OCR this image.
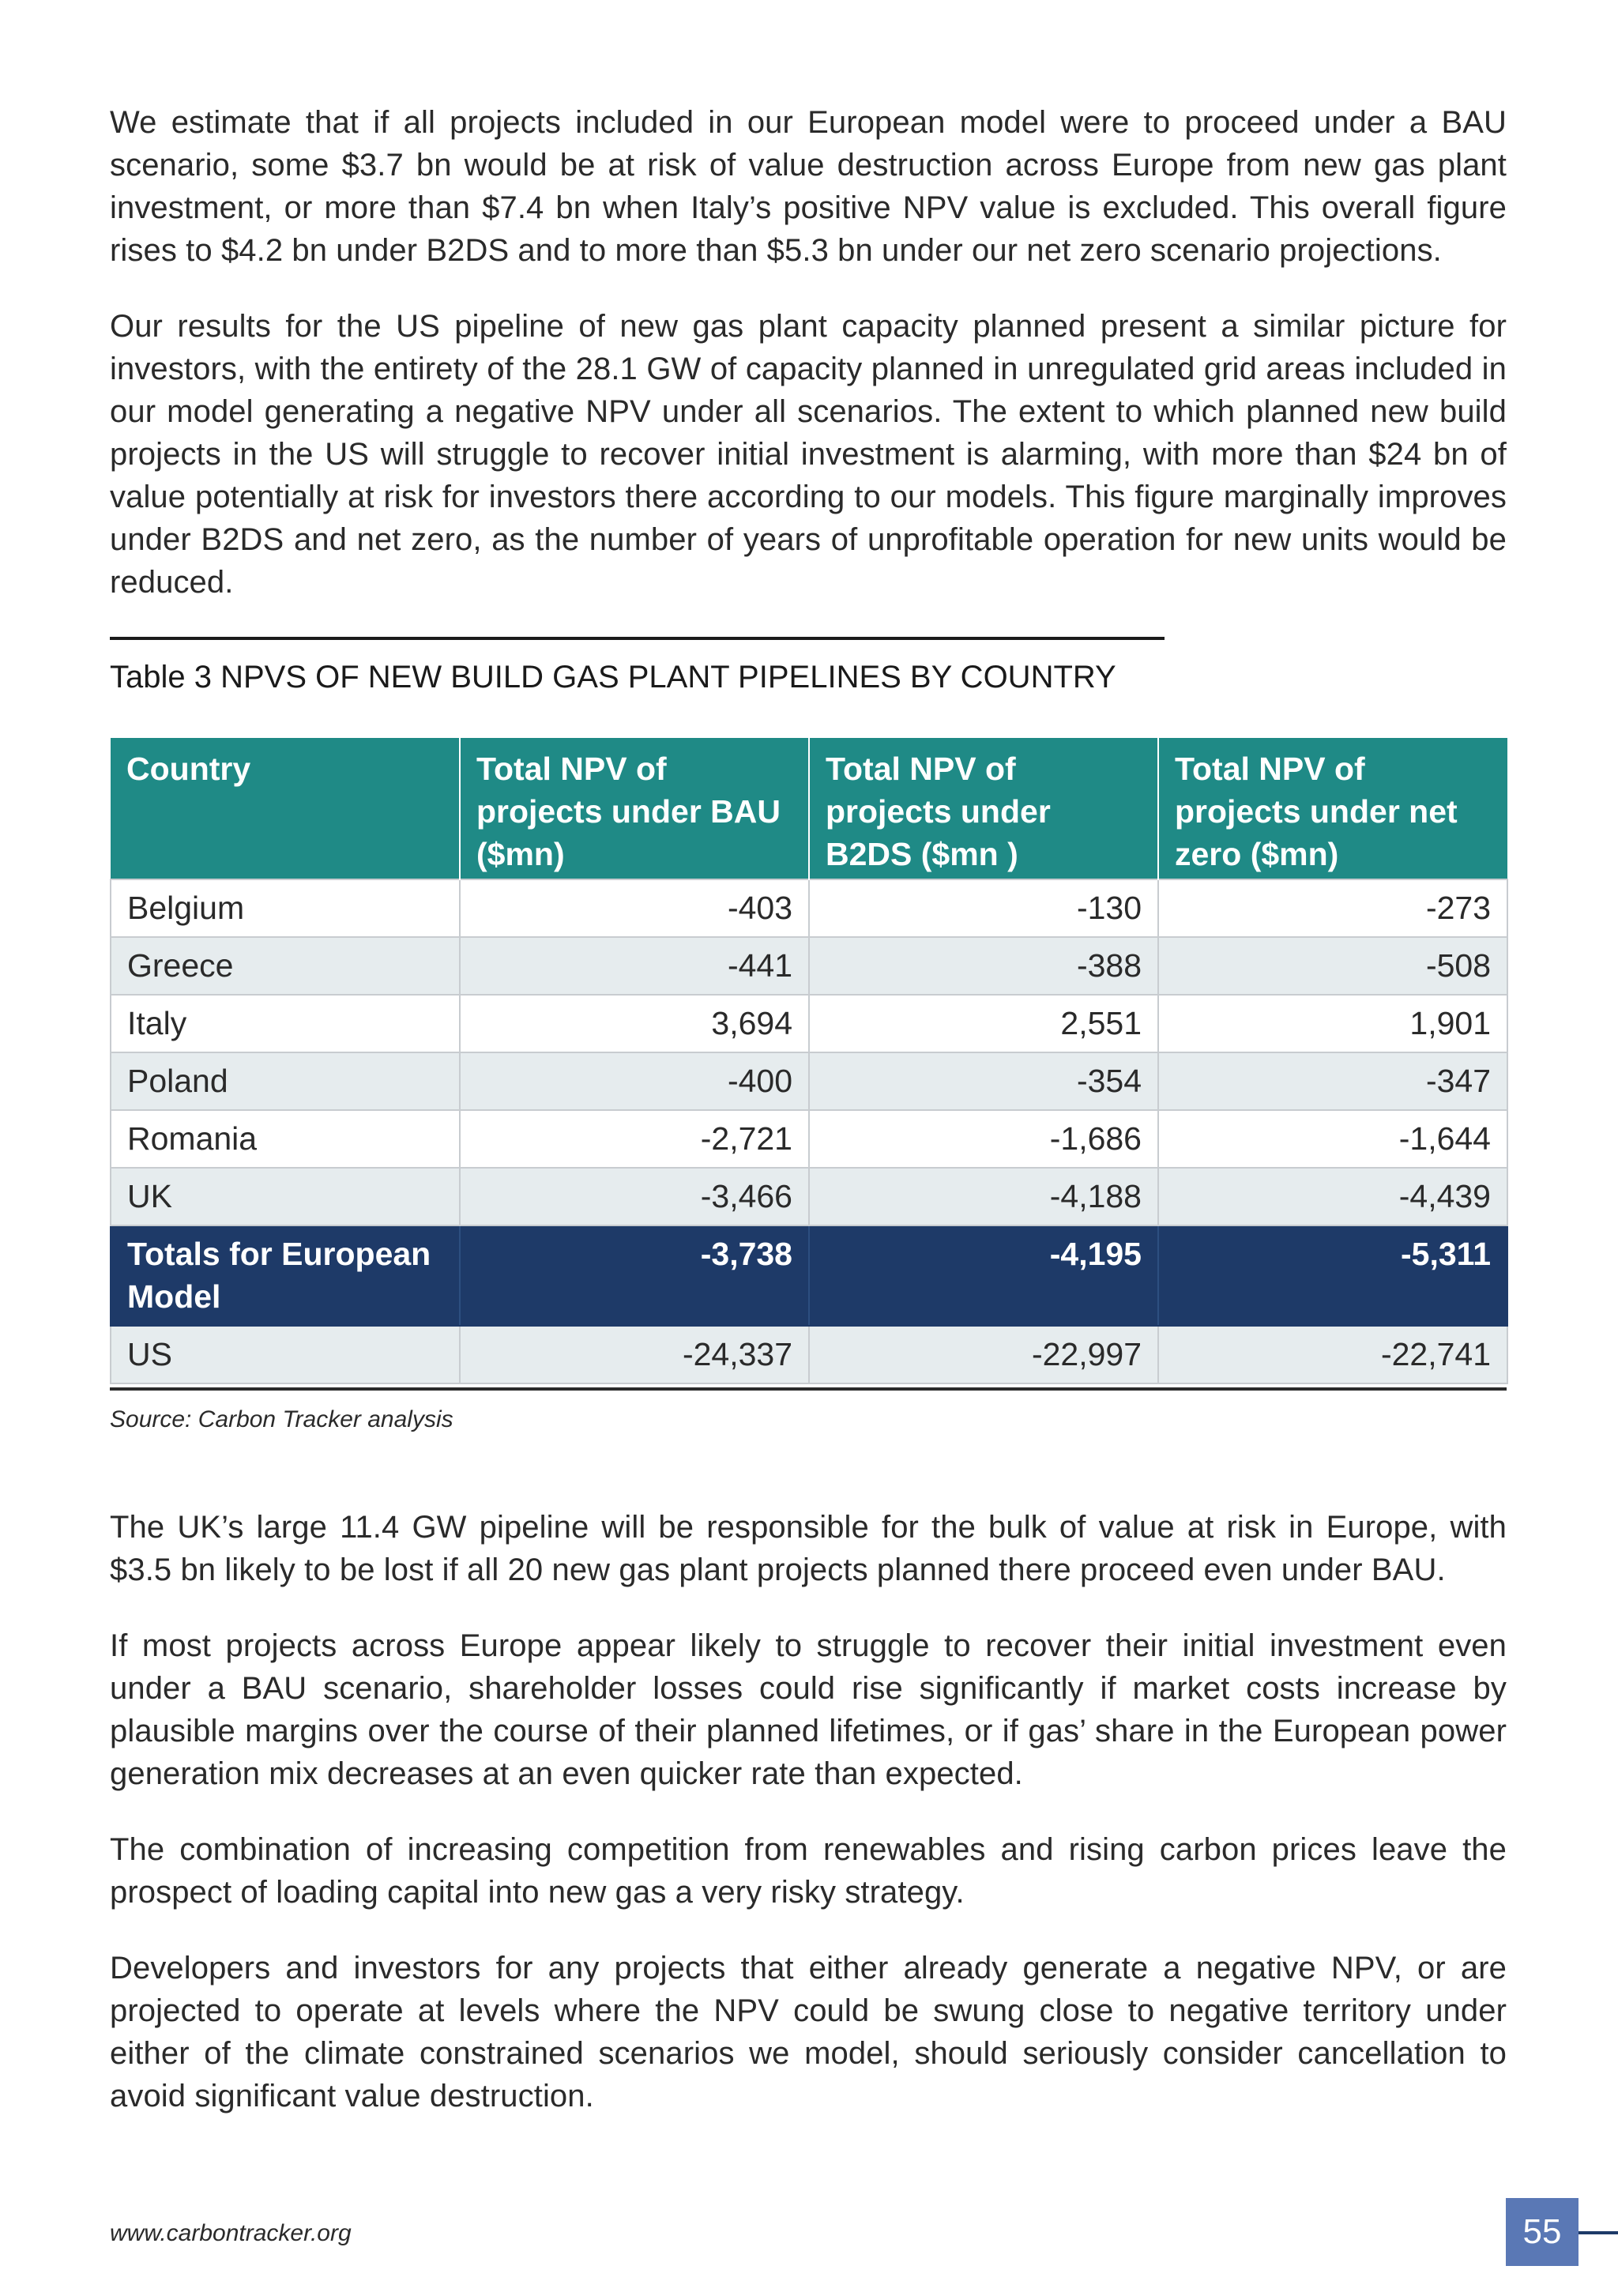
We estimate that if all projects included in our European model were to proceed under a BAU scenario, some $3.7 bn would be at risk of value destruction across Europe from new gas plant investment, or more than $7.4 bn when Italy’s positive NPV value is excluded. This overall figure rises to $4.2 bn under B2DS and to more than $5.3 bn under our net zero scenario projections.

Our results for the US pipeline of new gas plant capacity planned present a similar picture for investors, with the entirety of the 28.1 GW of capacity planned in unregulated grid areas included in our model generating a negative NPV under all scenarios. The extent to which planned new build projects in the US will struggle to recover initial investment is alarming, with more than $24 bn of value potentially at risk for investors there according to our models. This figure marginally improves under B2DS and net zero, as the number of years of unprofitable operation for new units would be reduced.

Table 3 NPVS OF NEW BUILD GAS PLANT PIPELINES BY COUNTRY
Country	Total NPV of projects under BAU ($mn)	Total NPV of projects under B2DS ($mn )	Total NPV of projects under net zero ($mn)
Belgium	-403	-130	-273
Greece	-441	-388	-508
Italy	3,694	2,551	1,901
Poland	-400	-354	-347
Romania	-2,721	-1,686	-1,644
UK	-3,466	-4,188	-4,439
Totals for European Model	-3,738	-4,195	-5,311
US	-24,337	-22,997	-22,741
Source: Carbon Tracker analysis

The UK’s large 11.4 GW pipeline will be responsible for the bulk of value at risk in Europe, with $3.5 bn likely to be lost if all 20 new gas plant projects planned there proceed even under BAU.

If most projects across Europe appear likely to struggle to recover their initial investment even under a BAU scenario, shareholder losses could rise significantly if market costs increase by plausible margins over the course of their planned lifetimes, or if gas’ share in the European power generation mix decreases at an even quicker rate than expected.

The combination of increasing competition from renewables and rising carbon prices leave the prospect of loading capital into new gas a very risky strategy.

Developers and investors for any projects that either already generate a negative NPV, or are projected to operate at levels where the NPV could be swung close to negative territory under either of the climate constrained scenarios we model, should seriously consider cancellation to avoid significant value destruction.

www.carbontracker.org	55
